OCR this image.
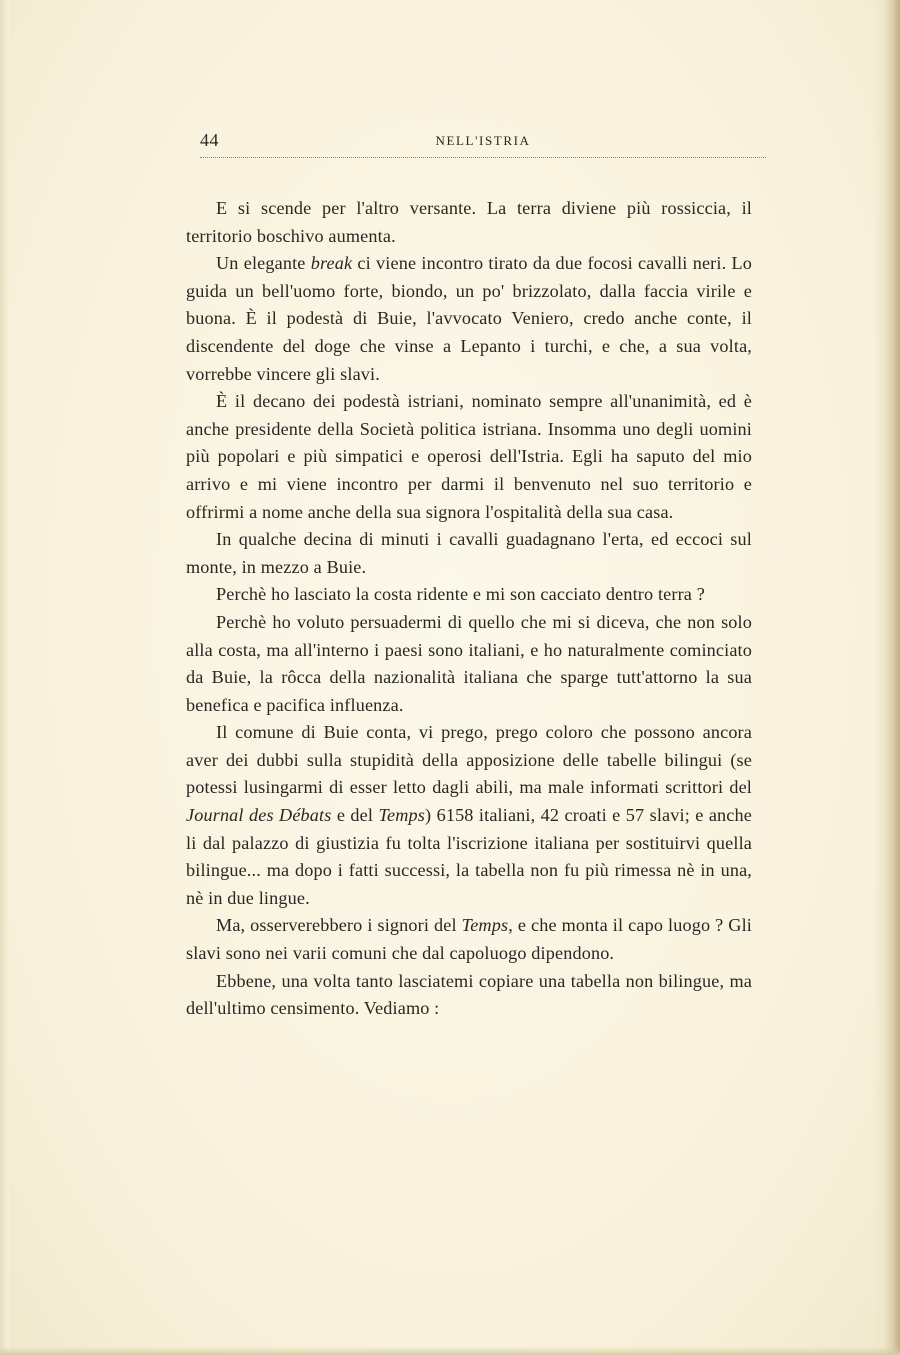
44	NELL'ISTRIA

E si scende per l'altro versante. La terra diviene più rossiccia, il territorio boschivo aumenta.

Un elegante break ci viene incontro tirato da due focosi cavalli neri. Lo guida un bell'uomo forte, biondo, un po' brizzolato, dalla faccia virile e buona. È il podestà di Buie, l'avvocato Veniero, credo anche conte, il discendente del doge che vinse a Lepanto i turchi, e che, a sua volta, vorrebbe vincere gli slavi.

È il decano dei podestà istriani, nominato sempre all'unanimità, ed è anche presidente della Società politica istriana. Insomma uno degli uomini più popolari e più simpatici e operosi dell'Istria. Egli ha saputo del mio arrivo e mi viene incontro per darmi il benvenuto nel suo territorio e offrirmi a nome anche della sua signora l'ospitalità della sua casa.

In qualche decina di minuti i cavalli guadagnano l'erta, ed eccoci sul monte, in mezzo a Buie.

Perchè ho lasciato la costa ridente e mi son cacciato dentro terra ?

Perchè ho voluto persuadermi di quello che mi si diceva, che non solo alla costa, ma all'interno i paesi sono italiani, e ho naturalmente cominciato da Buie, la rôcca della nazionalità italiana che sparge tutt'attorno la sua benefica e pacifica influenza.

Il comune di Buie conta, vi prego, prego coloro che possono ancora aver dei dubbi sulla stupidità della apposizione delle tabelle bilingui (se potessi lusingarmi di esser letto dagli abili, ma male informati scrittori del Journal des Débats e del Temps) 6158 italiani, 42 croati e 57 slavi; e anche li dal palazzo di giustizia fu tolta l'iscrizione italiana per sostituirvi quella bilingue... ma dopo i fatti successi, la tabella non fu più rimessa nè in una, nè in due lingue.

Ma, osserverebbero i signori del Temps, e che monta il capo luogo ? Gli slavi sono nei varii comuni che dal capoluogo dipendono.

Ebbene, una volta tanto lasciatemi copiare una tabella non bilingue, ma dell'ultimo censimento. Vediamo :
